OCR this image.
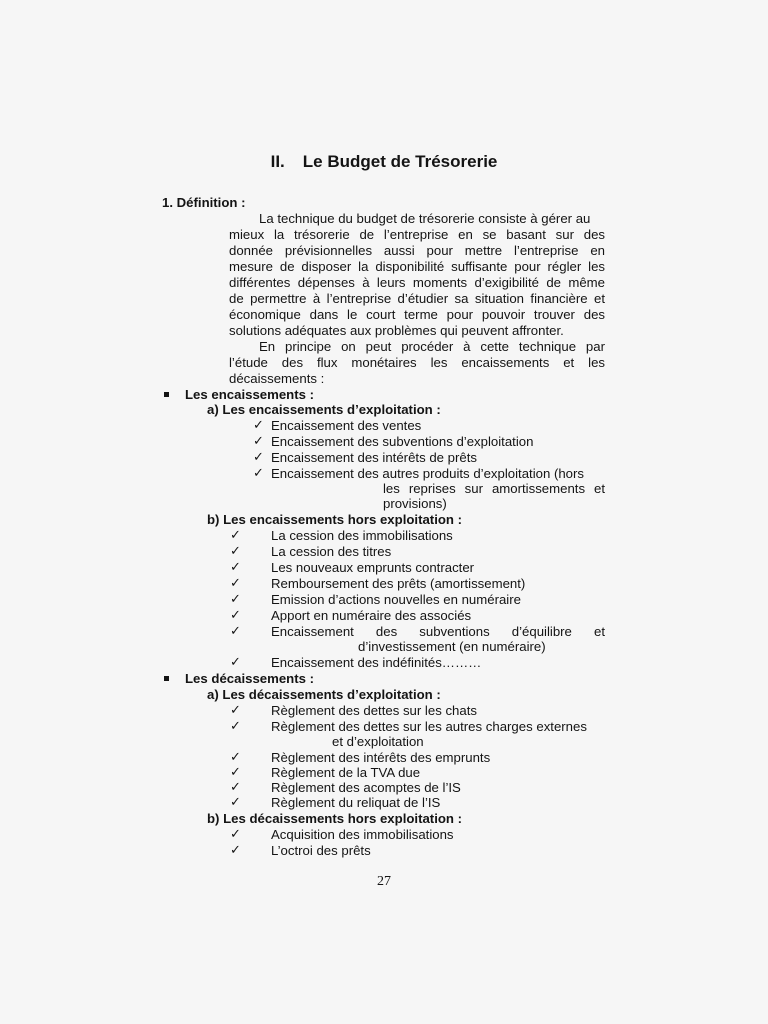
II. Le Budget de Trésorerie
1. Définition :
La technique du budget de trésorerie consiste à gérer au
mieux la trésorerie de l’entreprise en se basant sur des
donnée prévisionnelles aussi pour mettre l’entreprise en
mesure de disposer la disponibilité suffisante pour régler les
différentes dépenses à leurs moments d’exigibilité de même
de permettre à l’entreprise d’étudier sa situation financière et
économique dans le court terme pour pouvoir trouver des
solutions adéquates aux problèmes qui peuvent affronter.
En principe on peut procéder à cette technique par
l’étude des flux monétaires les encaissements et les
décaissements :
Les encaissements :
a) Les encaissements d’exploitation :
✓ Encaissement des ventes
✓ Encaissement des subventions d’exploitation
✓ Encaissement des intérêts de prêts
✓ Encaissement des autres produits d’exploitation (hors
les reprises sur amortissements et
provisions)
b) Les encaissements hors exploitation :
✓ La cession des immobilisations
✓ La cession des titres
✓ Les nouveaux emprunts contracter
✓ Remboursement des prêts (amortissement)
✓ Emission d’actions nouvelles en numéraire
✓ Apport en numéraire des associés
✓ Encaissement des subventions d’équilibre et
d’investissement (en numéraire)
✓ Encaissement des indéfinités………
Les décaissements :
a) Les décaissements d’exploitation :
✓ Règlement des dettes sur les chats
✓ Règlement des dettes sur les autres charges externes
et d’exploitation
✓ Règlement des intérêts des emprunts
✓ Règlement de la TVA due
✓ Règlement des acomptes de l’IS
✓ Règlement du reliquat de l’IS
b) Les décaissements hors exploitation :
✓ Acquisition des immobilisations
✓ L’octroi des prêts
27
